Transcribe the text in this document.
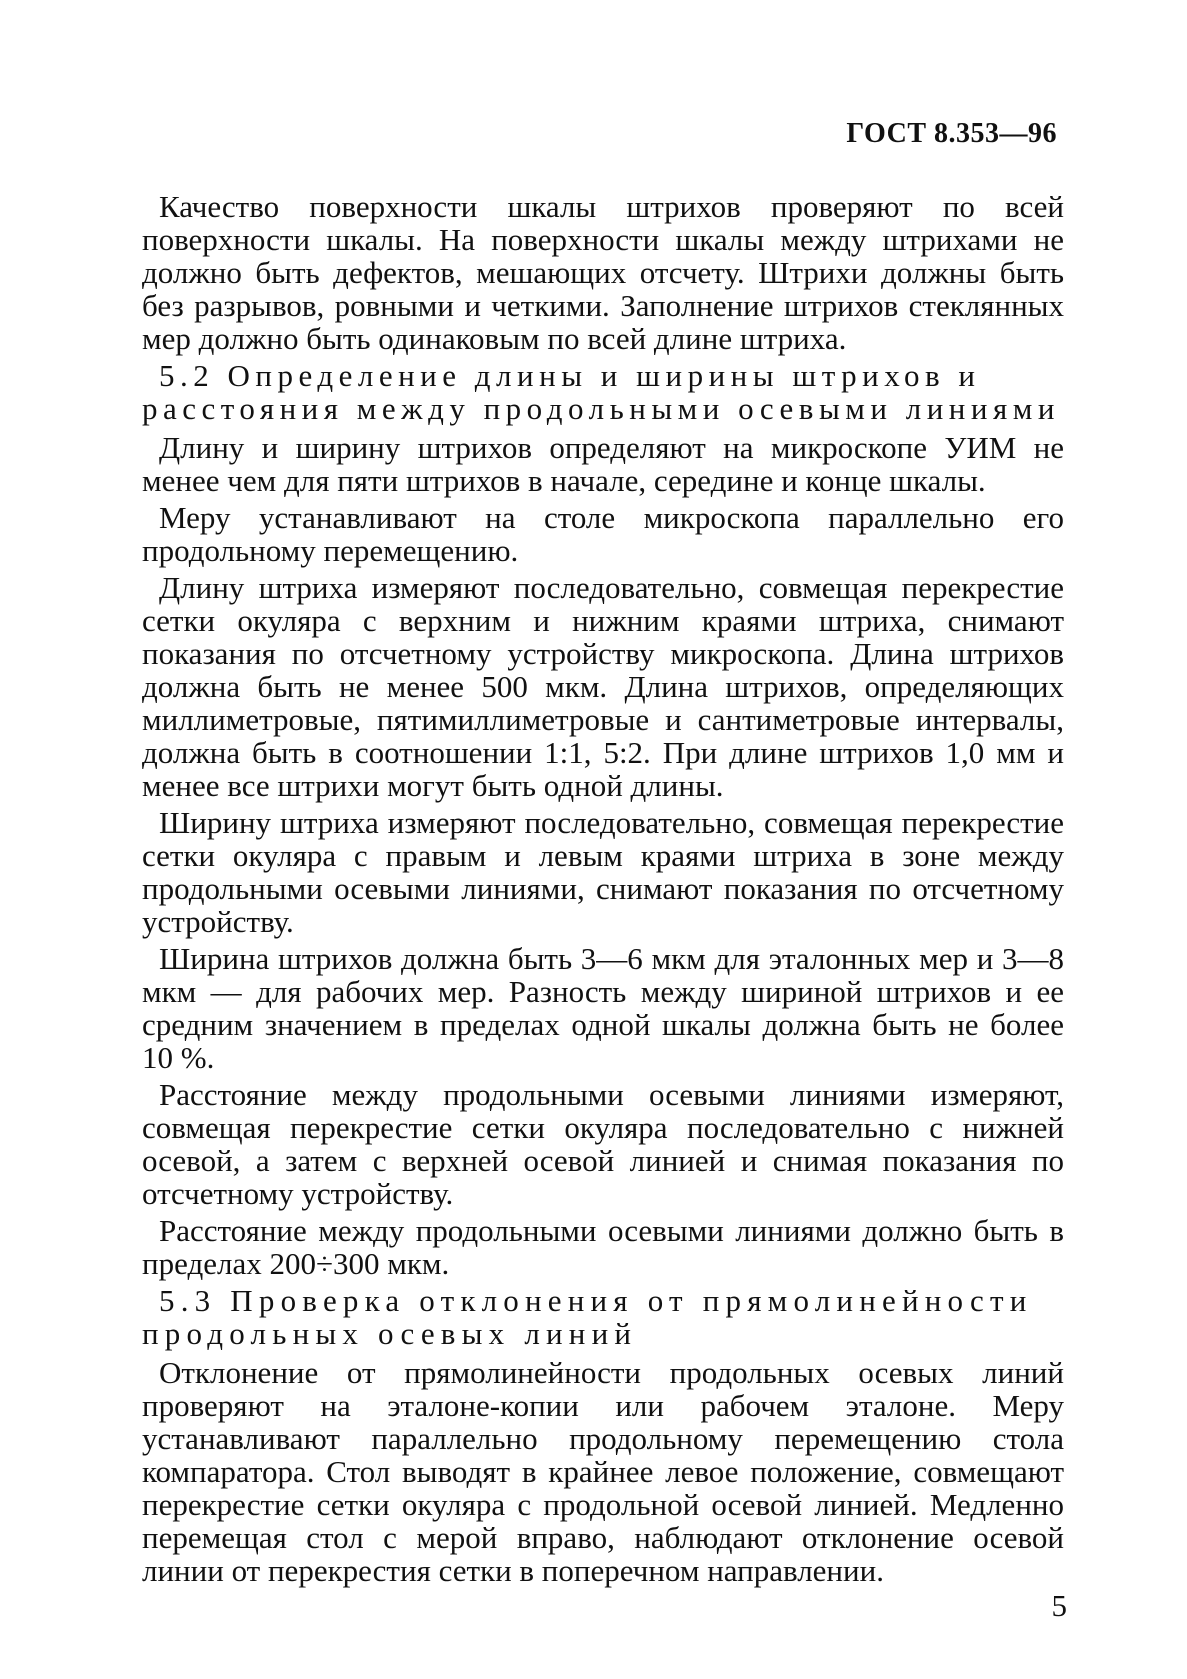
ГОСТ 8.353—96

Качество поверхности шкалы штрихов проверяют по всей поверхности шкалы. На поверхности шкалы между штрихами не должно быть дефектов, мешающих отсчету. Штрихи должны быть без разрывов, ровными и четкими. Заполнение штрихов стеклянных мер должно быть одинаковым по всей длине штриха.

5.2 Определение длины и ширины штрихов и расстояния между продольными осевыми линиями

Длину и ширину штрихов определяют на микроскопе УИМ не менее чем для пяти штрихов в начале, середине и конце шкалы.

Меру устанавливают на столе микроскопа параллельно его продольному перемещению.

Длину штриха измеряют последовательно, совмещая перекрестие сетки окуляра с верхним и нижним краями штриха, снимают показания по отсчетному устройству микроскопа. Длина штрихов должна быть не менее 500 мкм. Длина штрихов, определяющих миллиметровые, пятимиллиметровые и сантиметровые интервалы, должна быть в соотношении 1:1, 5:2. При длине штрихов 1,0 мм и менее все штрихи могут быть одной длины.

Ширину штриха измеряют последовательно, совмещая перекрестие сетки окуляра с правым и левым краями штриха в зоне между продольными осевыми линиями, снимают показания по отсчетному устройству.

Ширина штрихов должна быть 3—6 мкм для эталонных мер и 3—8 мкм — для рабочих мер. Разность между шириной штрихов и ее средним значением в пределах одной шкалы должна быть не более 10 %.

Расстояние между продольными осевыми линиями измеряют, совмещая перекрестие сетки окуляра последовательно с нижней осевой, а затем с верхней осевой линией и снимая показания по отсчетному устройству.

Расстояние между продольными осевыми линиями должно быть в пределах 200÷300 мкм.

5.3 Проверка отклонения от прямолинейности продольных осевых линий

Отклонение от прямолинейности продольных осевых линий проверяют на эталоне-копии или рабочем эталоне. Меру устанавливают параллельно продольному перемещению стола компаратора. Стол выводят в крайнее левое положение, совмещают перекрестие сетки окуляра с продольной осевой линией. Медленно перемещая стол с мерой вправо, наблюдают отклонение осевой линии от перекрестия сетки в поперечном направлении.

5
